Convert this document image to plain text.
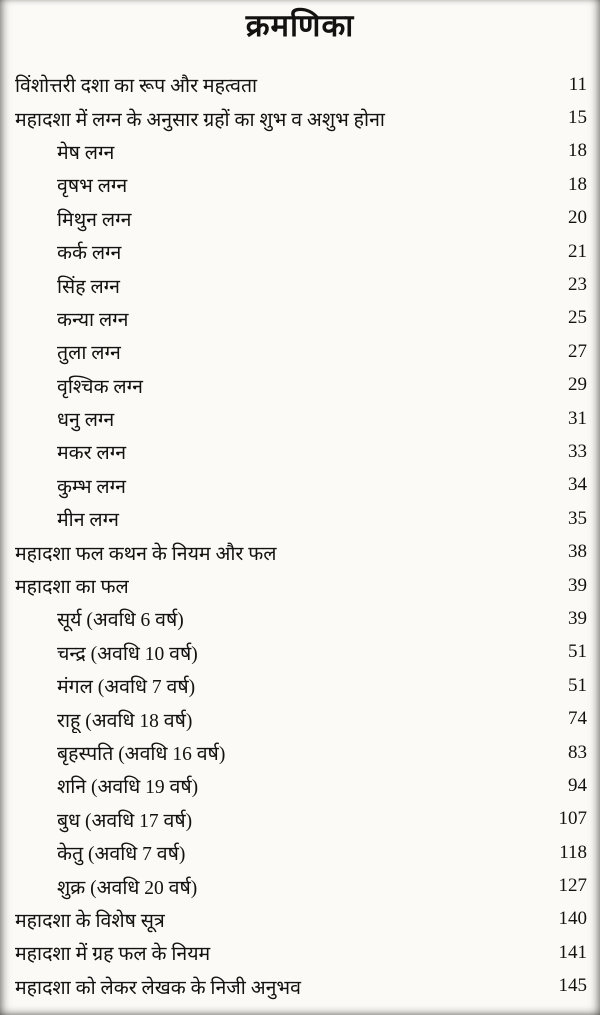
क्रमणिका
विंशोत्तरी दशा का रूप और महत्वता	11
महादशा में लग्न के अनुसार ग्रहों का शुभ व अशुभ होना	15
मेष लग्न	18
वृषभ लग्न	18
मिथुन लग्न	20
कर्क लग्न	21
सिंह लग्न	23
कन्या लग्न	25
तुला लग्न	27
वृश्चिक लग्न	29
धनु लग्न	31
मकर लग्न	33
कुम्भ लग्न	34
मीन लग्न	35
महादशा फल कथन के नियम और फल	38
महादशा का फल	39
सूर्य (अवधि 6 वर्ष)	39
चन्द्र (अवधि 10 वर्ष)	51
मंगल (अवधि 7 वर्ष)	51
राहू (अवधि 18 वर्ष)	74
बृहस्पति (अवधि 16 वर्ष)	83
शनि (अवधि 19 वर्ष)	94
बुध (अवधि 17 वर्ष)	107
केतु (अवधि 7 वर्ष)	118
शुक्र (अवधि 20 वर्ष)	127
महादशा के विशेष सूत्र	140
महादशा में ग्रह फल के नियम	141
महादशा को लेकर लेखक के निजी अनुभव	145
